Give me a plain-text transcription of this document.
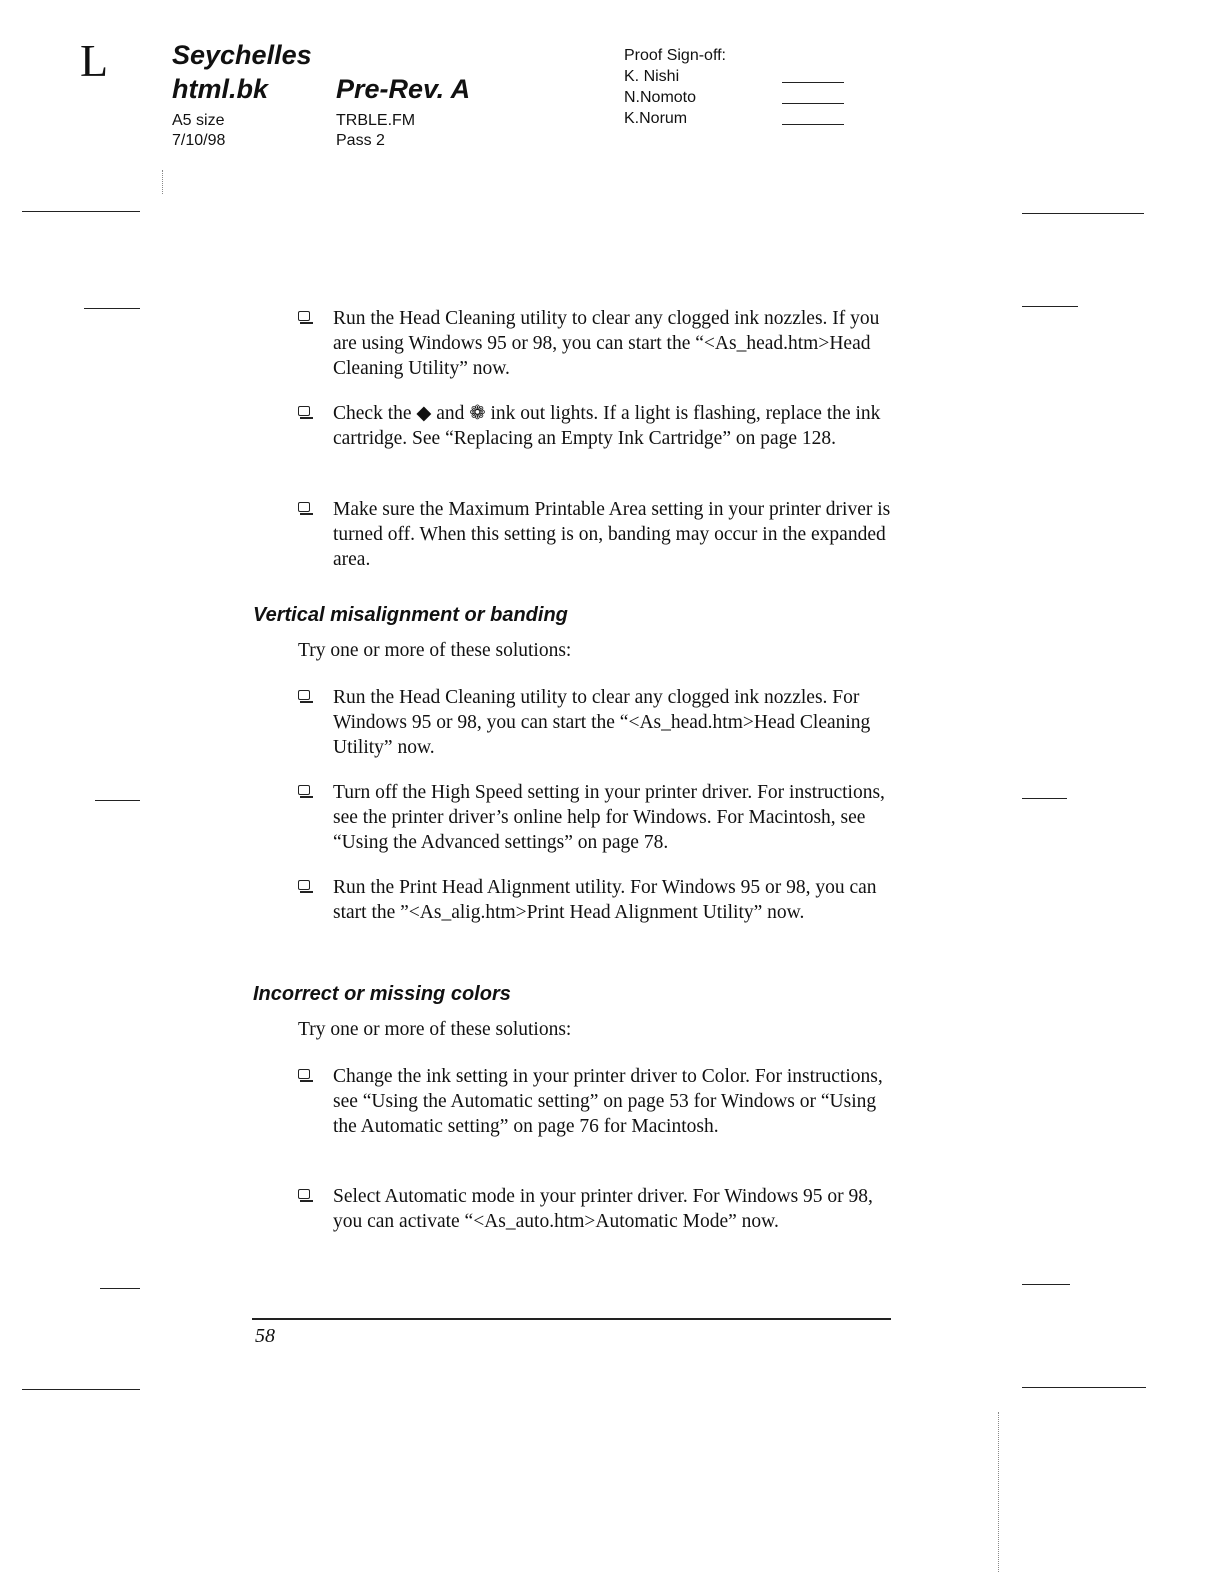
L Seychelles
html.bk	Pre-Rev. A
A5 size
7/10/98
TRBLE.FM
Pass 2
Proof Sign-off:
K. Nishi
N.Nomoto
K.Norum
Run the Head Cleaning utility to clear any clogged ink nozzles. If you are using Windows 95 or 98, you can start the “<As_head.htm>Head Cleaning Utility” now.
Check the ◆ and ❁ ink out lights. If a light is flashing, replace the ink cartridge. See “Replacing an Empty Ink Cartridge” on page 128.
Make sure the Maximum Printable Area setting in your printer driver is turned off. When this setting is on, banding may occur in the expanded area.
Vertical misalignment or banding
Try one or more of these solutions:
Run the Head Cleaning utility to clear any clogged ink nozzles. For Windows 95 or 98, you can start the “<As_head.htm>Head Cleaning Utility” now.
Turn off the High Speed setting in your printer driver. For instructions, see the printer driver’s online help for Windows. For Macintosh, see “Using the Advanced settings” on page 78.
Run the Print Head Alignment utility. For Windows 95 or 98, you can start the ”<As_alig.htm>Print Head Alignment Utility” now.
Incorrect or missing colors
Try one or more of these solutions:
Change the ink setting in your printer driver to Color. For instructions, see “Using the Automatic setting” on page 53 for Windows or “Using the Automatic setting” on page 76 for Macintosh.
Select Automatic mode in your printer driver. For Windows 95 or 98, you can activate “<As_auto.htm>Automatic Mode” now.
58
